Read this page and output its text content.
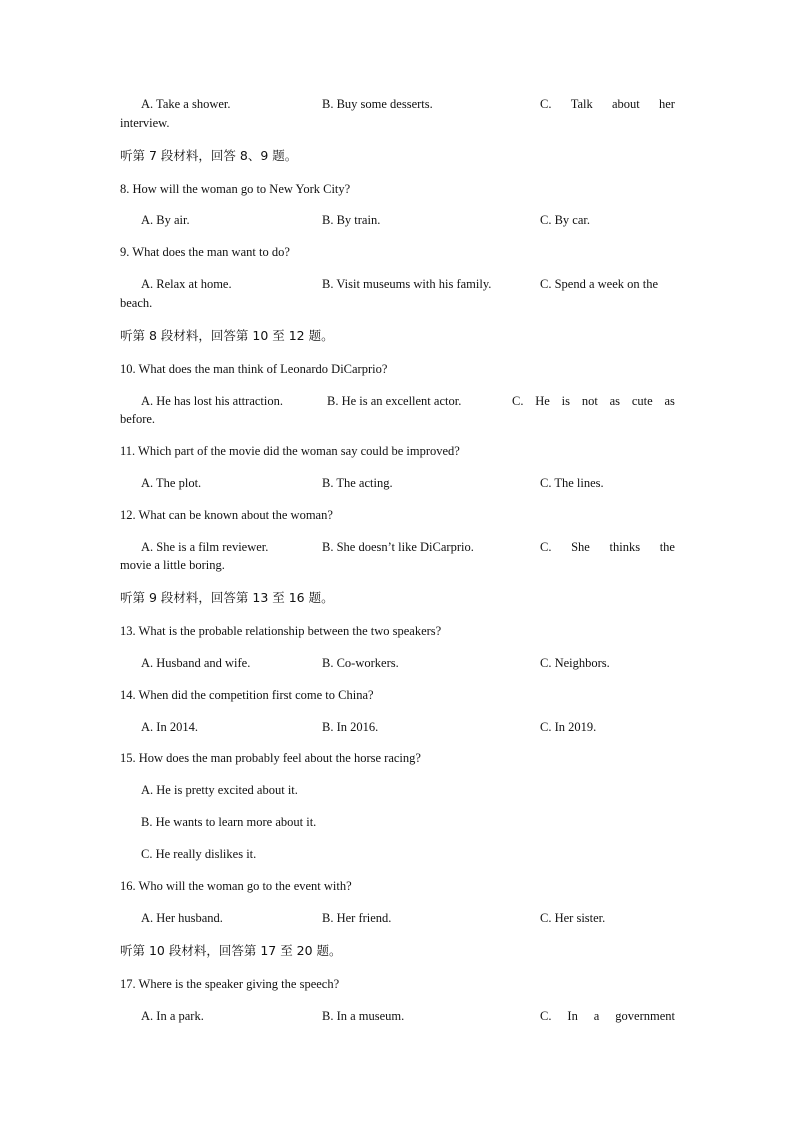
A. Take a shower.	B. Buy some desserts.	C. Talk about her
interview.
听第 7 段材料，回答 8、9 题。
8. How will the woman go to New York City?
A. By air.	B. By train.	C. By car.
9. What does the man want to do?
A. Relax at home.	B. Visit museums with his family.	C. Spend a week on the
beach.
听第 8 段材料，回答第 10 至 12 题。
10. What does the man think of Leonardo DiCarprio?
A. He has lost his attraction.	B. He is an excellent actor.	C. He is not as cute as
before.
11. Which part of the movie did the woman say could be improved?
A. The plot.	B. The acting.	C. The lines.
12. What can be known about the woman?
A. She is a film reviewer.	B. She doesn’t like DiCarprio.	C. She thinks the
movie a little boring.
听第 9 段材料，回答第 13 至 16 题。
13. What is the probable relationship between the two speakers?
A. Husband and wife.	B. Co-workers.	C. Neighbors.
14. When did the competition first come to China?
A. In 2014.	B. In 2016.	C. In 2019.
15. How does the man probably feel about the horse racing?
A. He is pretty excited about it.
B. He wants to learn more about it.
C. He really dislikes it.
16. Who will the woman go to the event with?
A. Her husband.	B. Her friend.	C. Her sister.
听第 10 段材料，回答第 17 至 20 题。
17. Where is the speaker giving the speech?
A. In a park.	B. In a museum.	C. In a government
